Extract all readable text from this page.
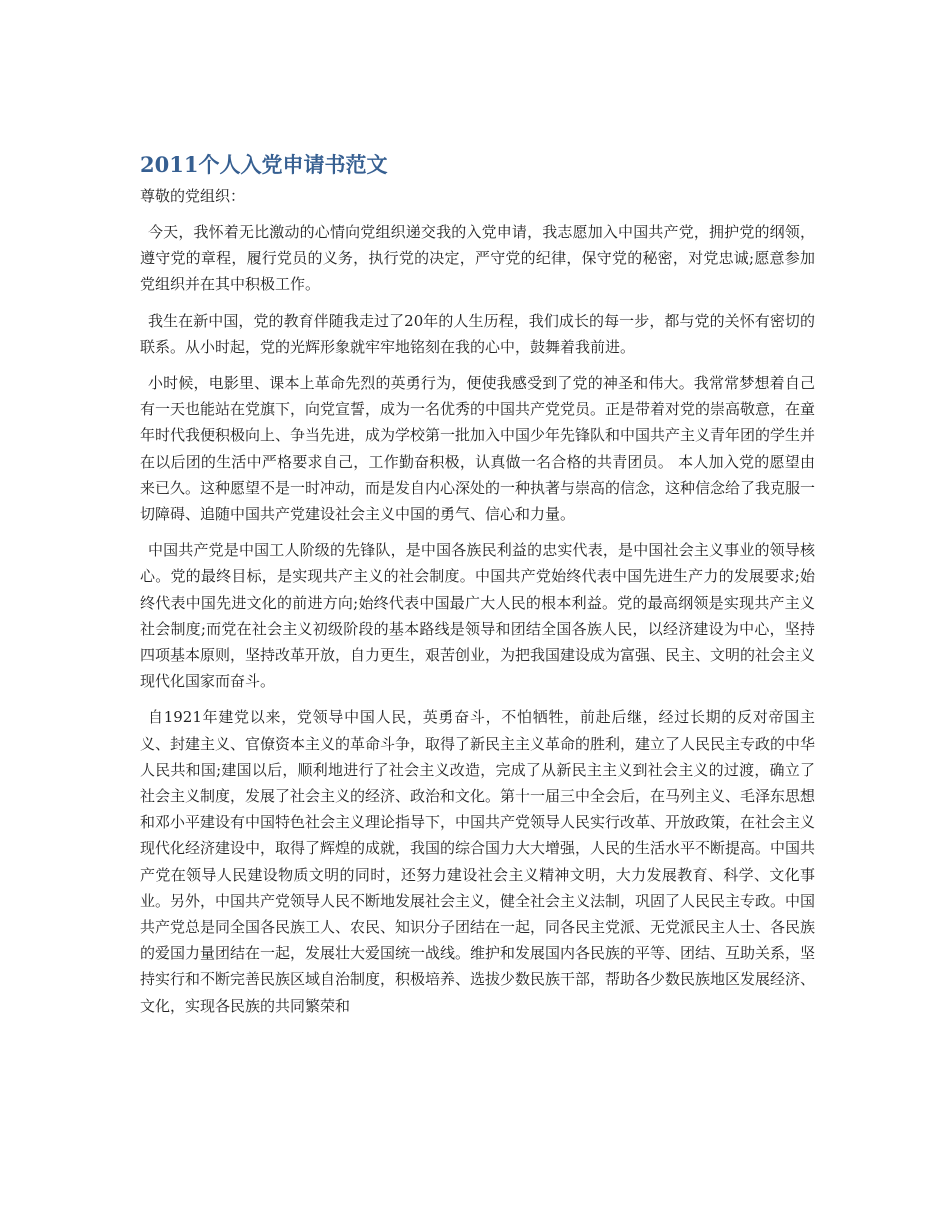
2011个人入党申请书范文

尊敬的党组织：

今天，我怀着无比激动的心情向党组织递交我的入党申请，我志愿加入中国共产党，拥护党的纲领，遵守党的章程，履行党员的义务，执行党的决定，严守党的纪律，保守党的秘密，对党忠诚;愿意参加党组织并在其中积极工作。

我生在新中国，党的教育伴随我走过了20年的人生历程，我们成长的每一步，都与党的关怀有密切的联系。从小时起，党的光辉形象就牢牢地铭刻在我的心中，鼓舞着我前进。

小时候，电影里、课本上革命先烈的英勇行为，便使我感受到了党的神圣和伟大。我常常梦想着自己有一天也能站在党旗下，向党宣誓，成为一名优秀的中国共产党党员。正是带着对党的崇高敬意，在童年时代我便积极向上、争当先进，成为学校第一批加入中国少年先锋队和中国共产主义青年团的学生并在以后团的生活中严格要求自己，工作勤奋积极，认真做一名合格的共青团员。 本人加入党的愿望由来已久。这种愿望不是一时冲动，而是发自内心深处的一种执著与崇高的信念，这种信念给了我克服一切障碍、追随中国共产党建设社会主义中国的勇气、信心和力量。

中国共产党是中国工人阶级的先锋队，是中国各族民利益的忠实代表，是中国社会主义事业的领导核心。党的最终目标，是实现共产主义的社会制度。中国共产党始终代表中国先进生产力的发展要求;始终代表中国先进文化的前进方向;始终代表中国最广大人民的根本利益。党的最高纲领是实现共产主义社会制度;而党在社会主义初级阶段的基本路线是领导和团结全国各族人民，以经济建设为中心，坚持四项基本原则，坚持改革开放，自力更生，艰苦创业，为把我国建设成为富强、民主、文明的社会主义现代化国家而奋斗。

自1921年建党以来，党领导中国人民，英勇奋斗，不怕牺牲，前赴后继，经过长期的反对帝国主义、封建主义、官僚资本主义的革命斗争，取得了新民主主义革命的胜利，建立了人民民主专政的中华人民共和国;建国以后，顺利地进行了社会主义改造，完成了从新民主主义到社会主义的过渡，确立了社会主义制度，发展了社会主义的经济、政治和文化。第十一届三中全会后，在马列主义、毛泽东思想和邓小平建设有中国特色社会主义理论指导下，中国共产党领导人民实行改革、开放政策，在社会主义现代化经济建设中，取得了辉煌的成就，我国的综合国力大大增强，人民的生活水平不断提高。中国共产党在领导人民建设物质文明的同时，还努力建设社会主义精神文明，大力发展教育、科学、文化事业。另外，中国共产党领导人民不断地发展社会主义，健全社会主义法制，巩固了人民民主专政。中国共产党总是同全国各民族工人、农民、知识分子团结在一起，同各民主党派、无党派民主人士、各民族的爱国力量团结在一起，发展壮大爱国统一战线。维护和发展国内各民族的平等、团结、互助关系，坚持实行和不断完善民族区域自治制度，积极培养、选拔少数民族干部，帮助各少数民族地区发展经济、文化，实现各民族的共同繁荣和
